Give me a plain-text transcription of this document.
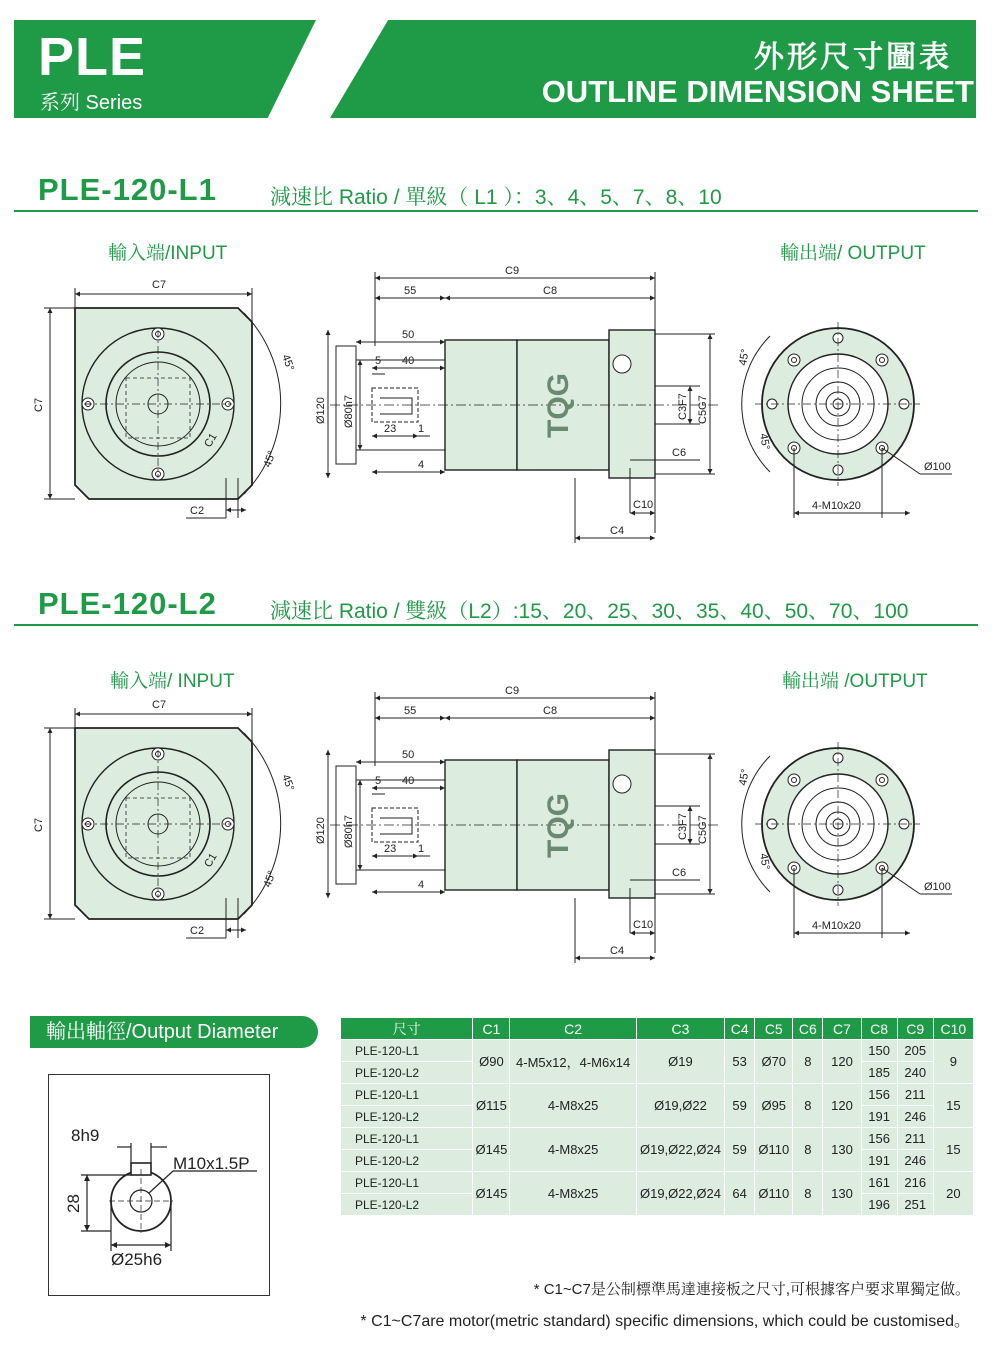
PLE
系列 Series
外形尺寸圖表
OUTLINE DIMENSION SHEET
PLE-120-L1	減速比 Ratio / 單級（ L1 ）：3、4、5、7、8、10
輸入端/INPUT	輸出端/ OUTPUT
PLE-120-L2	減速比 Ratio / 雙級（L2）:15、20、25、30、35、40、50、70、100
輸入端/ INPUT	輸出端 /OUTPUT
C7
C7
C1
C2
45°
45°
C9
55	C8
50
40
5
23 1
4
Ø120 Ø80h7	C3F7 C5G7
C6
C10
C4
45°
45°
Ø100
4-M10x20
TQG
C7
C7
C1
C2
45°
45°
C9
55	C8
50
40
5
23 1
4
Ø120 Ø80h7	C3F7 C5G7
C6
C10
C4
45°
45°
Ø100
4-M10x20
TQG
輸出軸徑/Output Diameter
8h9
M10x1.5P
28
Ø25h6
尺寸	C1	C2	C3	C4	C5	C6	C7	C8	C9	C10
PLE-120-L1	Ø90	4-M5x12，4-M6x14	Ø19	53	Ø70	8	120	150	205	9
PLE-120-L2								185	240	
PLE-120-L1	Ø115	4-M8x25	Ø19,Ø22	59	Ø95	8	120	156	211	15
PLE-120-L2								191	246	
PLE-120-L1	Ø145	4-M8x25	Ø19,Ø22,Ø24	59	Ø110	8	130	156	211	15
PLE-120-L2								191	246	
PLE-120-L1	Ø145	4-M8x25	Ø19,Ø22,Ø24	64	Ø110	8	130	161	216	20
PLE-120-L2								196	251	
* C1~C7是公制標準馬達連接板之尺寸,可根據客户要求單獨定做。
* C1~C7are motor(metric standard) specific dimensions, which could be customised。
